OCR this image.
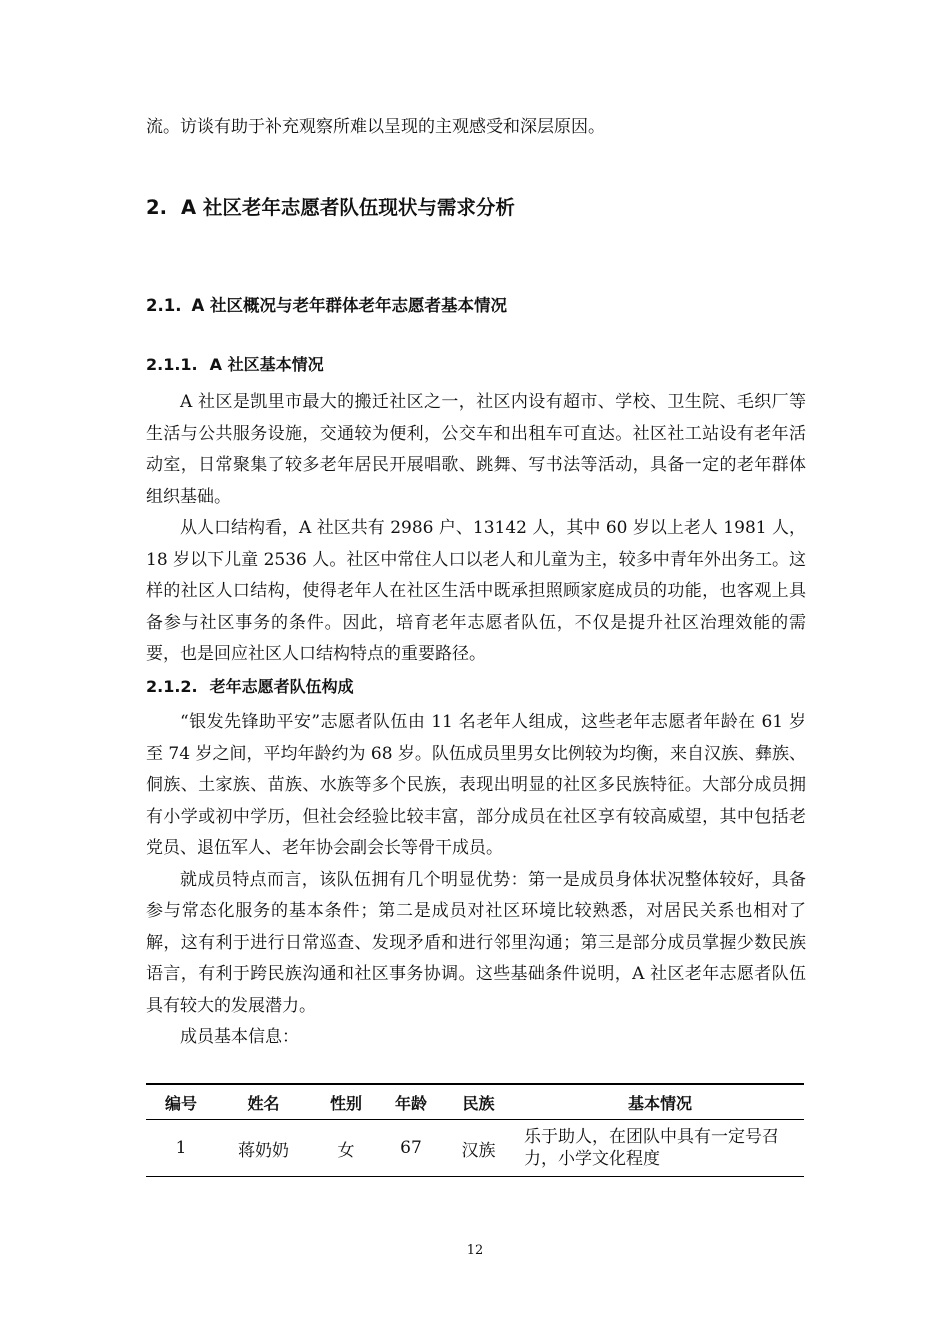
流。访谈有助于补充观察所难以呈现的主观感受和深层原因。

2. A 社区老年志愿者队伍现状与需求分析
2.1. A 社区概况与老年群体老年志愿者基本情况
2.1.1. A 社区基本情况

A 社区是凯里市最大的搬迁社区之一，社区内设有超市、学校、卫生院、毛织厂等生活与公共服务设施，交通较为便利，公交车和出租车可直达。社区社工站设有老年活动室，日常聚集了较多老年居民开展唱歌、跳舞、写书法等活动，具备一定的老年群体组织基础。

从人口结构看，A 社区共有 2986 户、13142 人，其中 60 岁以上老人 1981 人，18 岁以下儿童 2536 人。社区中常住人口以老人和儿童为主，较多中青年外出务工。这样的社区人口结构，使得老年人在社区生活中既承担照顾家庭成员的功能，也客观上具备参与社区事务的条件。因此，培育老年志愿者队伍，不仅是提升社区治理效能的需要，也是回应社区人口结构特点的重要路径。

2.1.2. 老年志愿者队伍构成

“银发先锋助平安”志愿者队伍由 11 名老年人组成，这些老年志愿者年龄在 61 岁至 74 岁之间，平均年龄约为 68 岁。队伍成员里男女比例较为均衡，来自汉族、彝族、侗族、土家族、苗族、水族等多个民族，表现出明显的社区多民族特征。大部分成员拥有小学或初中学历，但社会经验比较丰富，部分成员在社区享有较高威望，其中包括老党员、退伍军人、老年协会副会长等骨干成员。

就成员特点而言，该队伍拥有几个明显优势：第一是成员身体状况整体较好，具备参与常态化服务的基本条件；第二是成员对社区环境比较熟悉，对居民关系也相对了解，这有利于进行日常巡查、发现矛盾和进行邻里沟通；第三是部分成员掌握少数民族语言，有利于跨民族沟通和社区事务协调。这些基础条件说明，A 社区老年志愿者队伍具有较大的发展潜力。

成员基本信息：

编号	姓名	性别	年龄	民族	基本情况
1	蒋奶奶	女	67	汉族	乐于助人，在团队中具有一定号召力，小学文化程度
12
